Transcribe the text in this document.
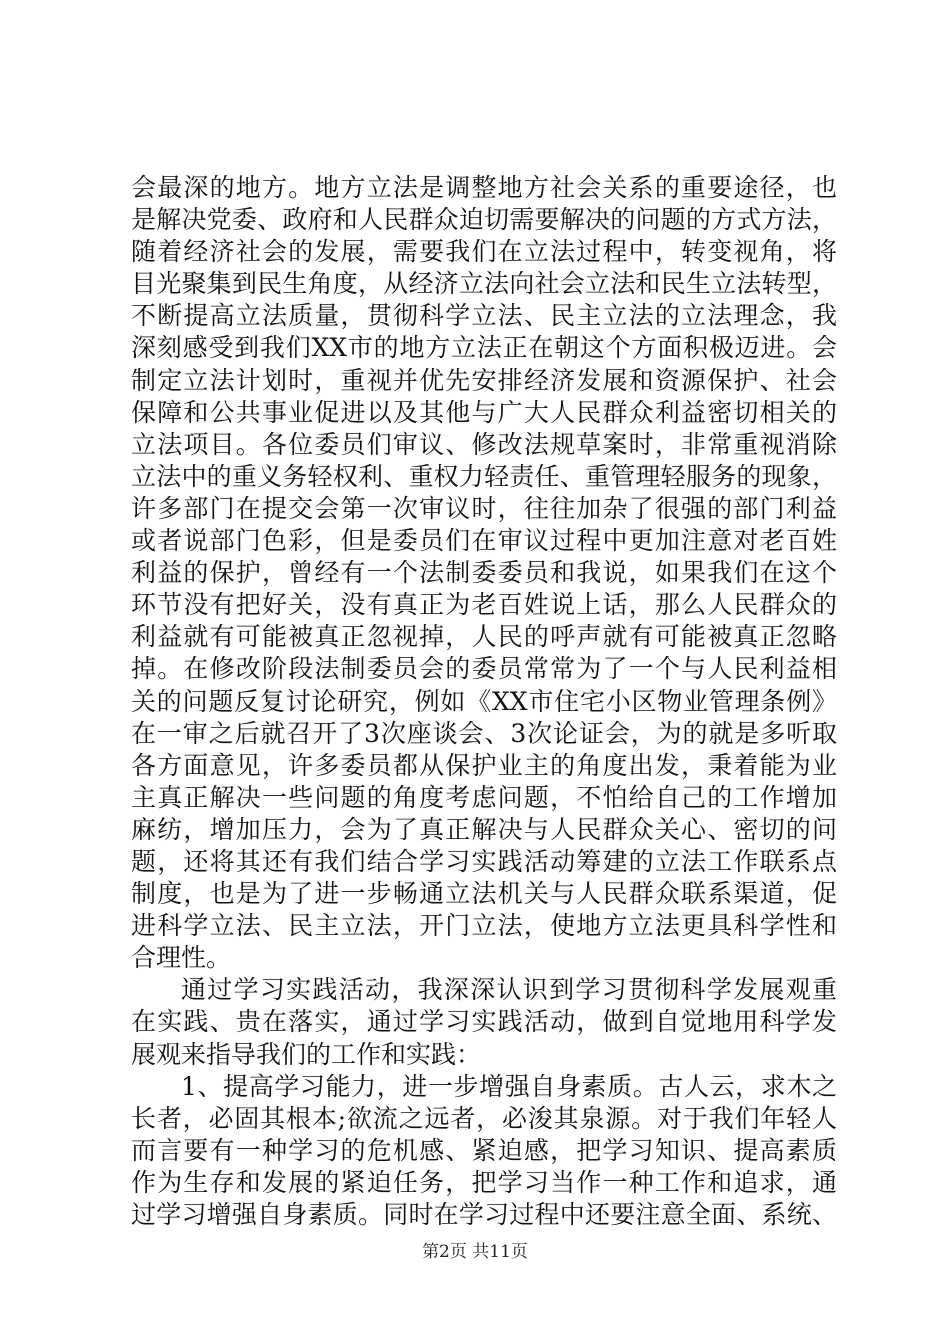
会最深的地方。地方立法是调整地方社会关系的重要途径，也
是解决党委、政府和人民群众迫切需要解决的问题的方式方法，
随着经济社会的发展，需要我们在立法过程中，转变视角，将
目光聚集到民生角度，从经济立法向社会立法和民生立法转型，
不断提高立法质量，贯彻科学立法、民主立法的立法理念，我
深刻感受到我们XX市的地方立法正在朝这个方面积极迈进。会
制定立法计划时，重视并优先安排经济发展和资源保护、社会
保障和公共事业促进以及其他与广大人民群众利益密切相关的
立法项目。各位委员们审议、修改法规草案时，非常重视消除
立法中的重义务轻权利、重权力轻责任、重管理轻服务的现象，
许多部门在提交会第一次审议时，往往加杂了很强的部门利益
或者说部门色彩，但是委员们在审议过程中更加注意对老百姓
利益的保护，曾经有一个法制委委员和我说，如果我们在这个
环节没有把好关，没有真正为老百姓说上话，那么人民群众的
利益就有可能被真正忽视掉，人民的呼声就有可能被真正忽略
掉。在修改阶段法制委员会的委员常常为了一个与人民利益相
关的问题反复讨论研究，例如《XX市住宅小区物业管理条例》
在一审之后就召开了3次座谈会、3次论证会，为的就是多听取
各方面意见，许多委员都从保护业主的角度出发，秉着能为业
主真正解决一些问题的角度考虑问题，不怕给自己的工作增加
麻纺，增加压力，会为了真正解决与人民群众关心、密切的问
题，还将其还有我们结合学习实践活动筹建的立法工作联系点
制度，也是为了进一步畅通立法机关与人民群众联系渠道，促
进科学立法、民主立法，开门立法，使地方立法更具科学性和
合理性。
通过学习实践活动，我深深认识到学习贯彻科学发展观重
在实践、贵在落实，通过学习实践活动，做到自觉地用科学发
展观来指导我们的工作和实践：
1、提高学习能力，进一步增强自身素质。古人云，求木之
长者，必固其根本;欲流之远者，必浚其泉源。对于我们年轻人
而言要有一种学习的危机感、紧迫感，把学习知识、提高素质
作为生存和发展的紧迫任务，把学习当作一种工作和追求，通
过学习增强自身素质。同时在学习过程中还要注意全面、系统、
第2页 共11页
